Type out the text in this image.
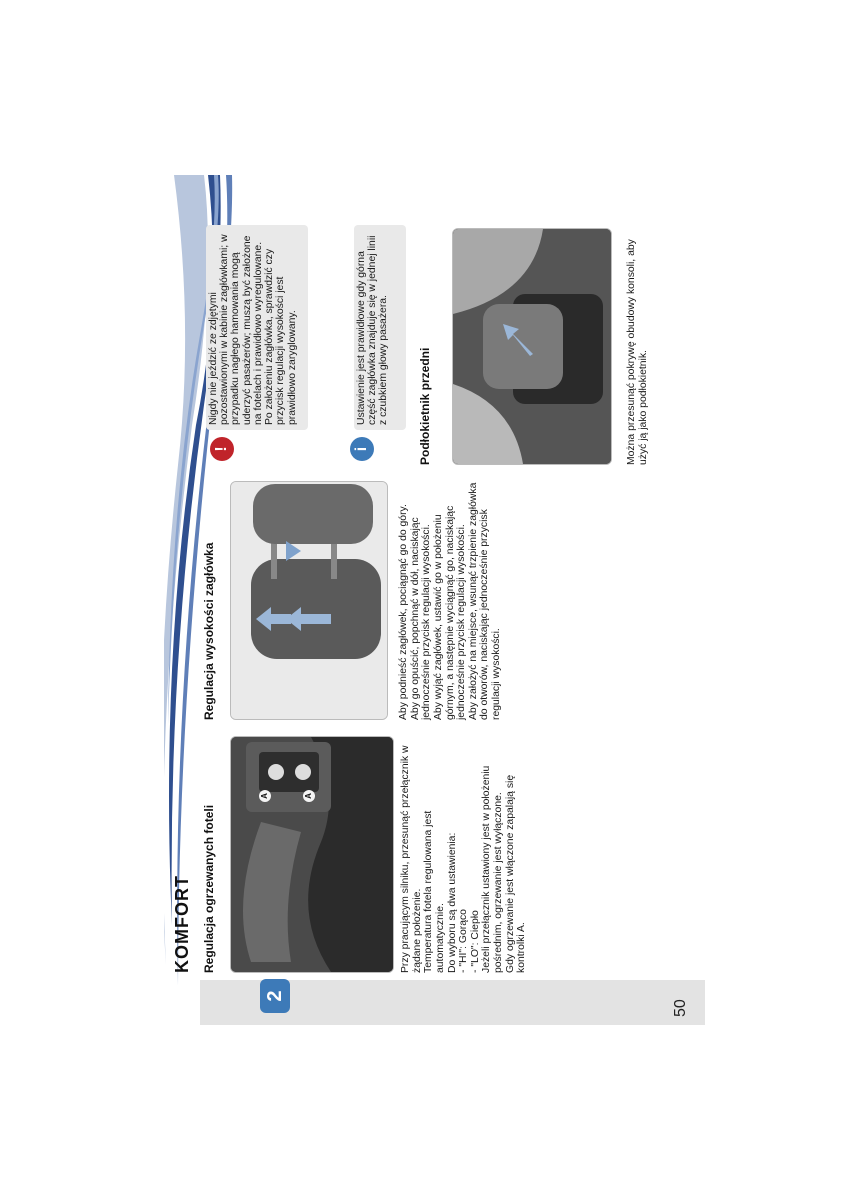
2
50
KOMFORT Regulacja ogrzewanych foteli
A	A	Przy pracującym silniku, przesunąć przełącznik w żądane położenie. Temperatura fotela regulowana jest automatycznie. Do wyboru są dwa ustawienia: - "HI": Gorąco - "LO": Ciepło Jeżeli przełącznik ustawiony jest w położeniu pośrednim, ogrzewanie jest wyłączone. Gdy ogrzewanie jest włączone zapalają się kontrolki A.

Regulacja wysokości zagłówka	Aby podnieść zagłówek, pociągnąć go do góry. Aby go opuścić, popchnąć w dół, naciskając jednocześnie przycisk regulacji wysokości. Aby wyjąć zagłówek, ustawić go w położeniu górnym, a następnie wyciągnąć go, naciskając jednocześnie przycisk regulacji wysokości. Aby założyć na miejsce, wsunąć trzpienie zagłówka do otworów, naciskając jednocześnie przycisk regulacji wysokości.

!

Nigdy nie jeździć ze zdjętymi pozostawionymi w kabinie zagłówkami; w przypadku nagłego hamowania mogą uderzyć pasażerów; muszą być założone na fotelach i prawidłowo wyregulowane. Po założeniu zagłówka, sprawdzić czy przycisk regulacji wysokości jest prawidłowo zaryglowany.

i
Ustawienie jest prawidłowe gdy górna część zagłówka znajduje się w jednej linii z czubkiem głowy pasażera. Podłokietnik przedni	Można przesunąć pokrywę obudowy konsoli, aby użyć ją jako podłokietnik.
